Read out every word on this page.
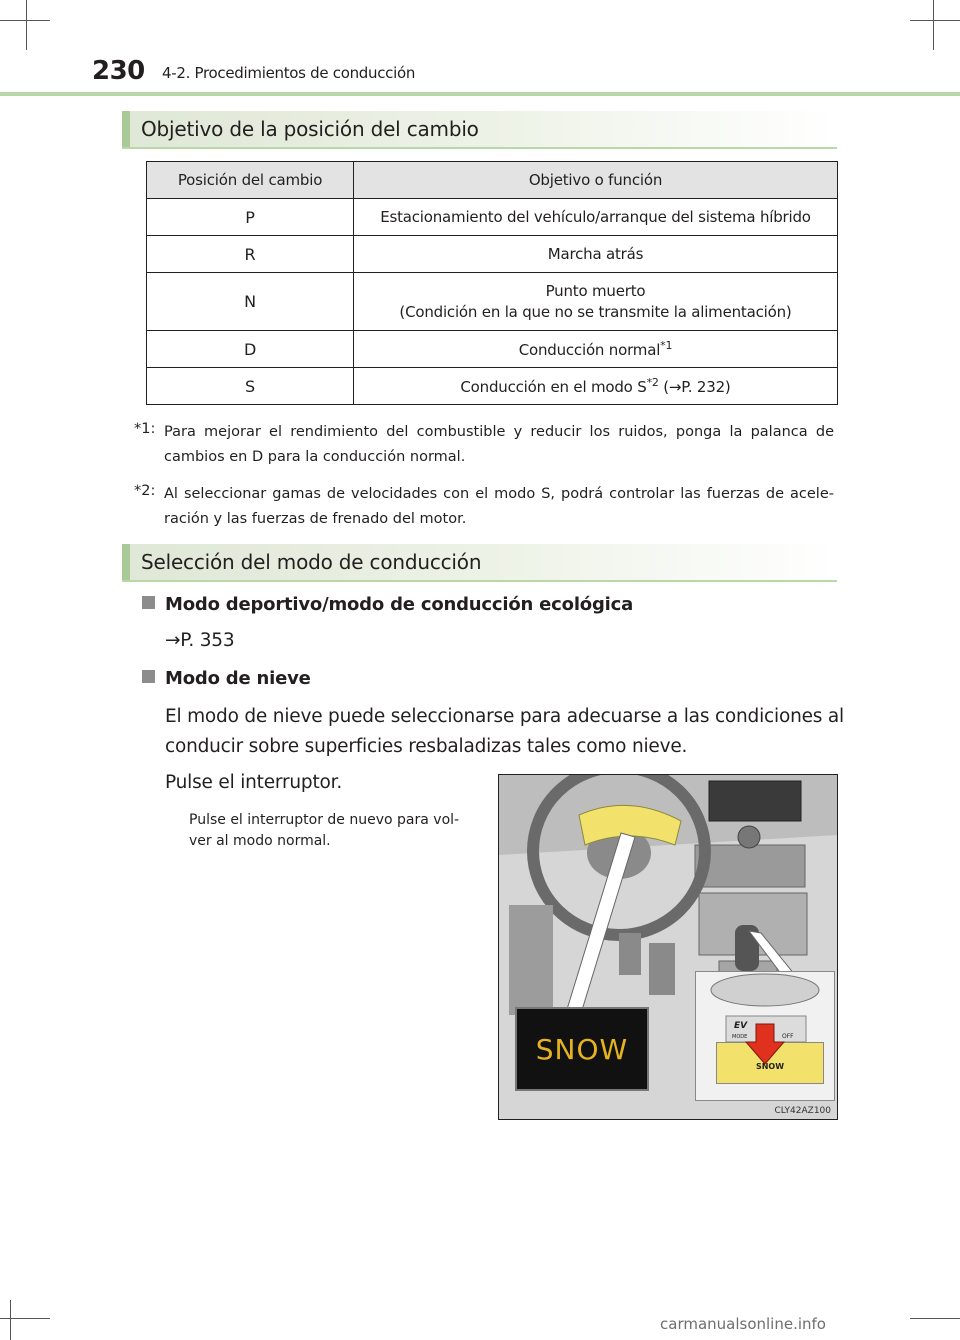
230 4-2. Procedimientos de conducción
Objetivo de la posición del cambio
Posición del cambio	Objetivo o función
P	Estacionamiento del vehículo/arranque del sistema híbrido
R	Marcha atrás
N	Punto muerto
(Condición en la que no se transmite la alimentación)

D	Conducción normal$^{*1}$
S	Conducción en el modo $S^{*2}$ (→P. 232)
*1: Para mejorar el rendimiento del combustible y reducir los ruidos, ponga la palanca de cambios en D para la conducción normal.
*2: Al seleccionar gamas de velocidades con el modo S, podrá controlar las fuerzas de acele-ración y las fuerzas de frenado del motor.
Selección del modo de conducción
Modo deportivo/modo de conducción ecológica
→P. 353
Modo de nieve
El modo de nieve puede seleccionarse para adecuarse a las condiciones al
conducir sobre superficies resbaladizas tales como nieve.
Pulse el interruptor.
Pulse el interruptor de nuevo para vol-
ver al modo normal.
SNOW
EV
MODE	OFF
SNOW
CLY42AZ100
carmanualsonline.info
